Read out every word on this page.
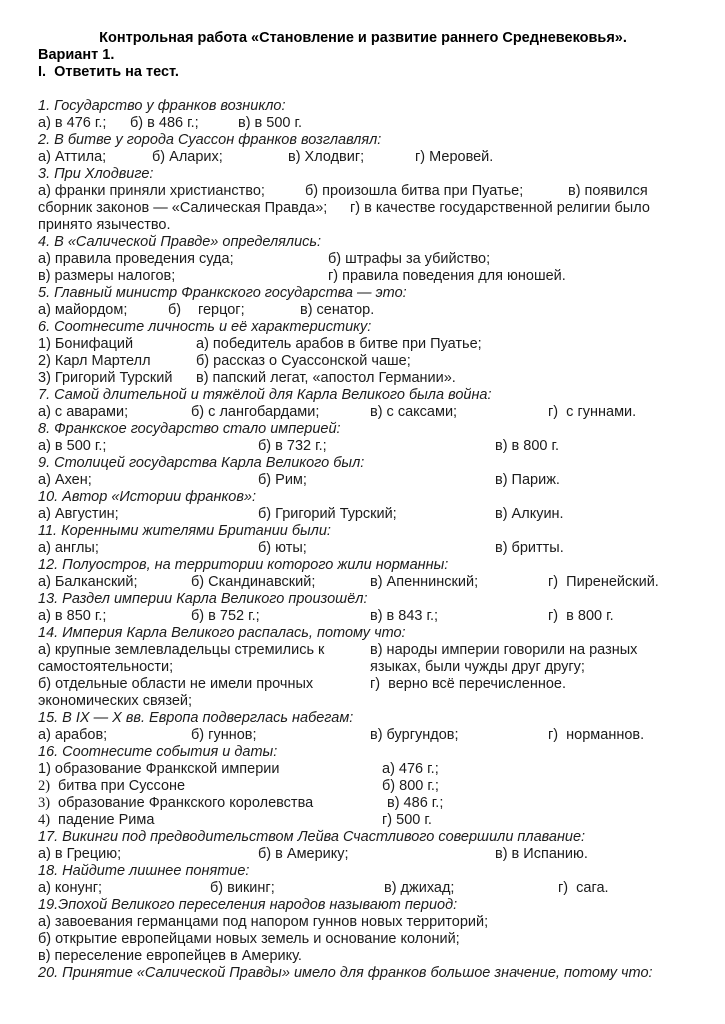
Контрольная работа «Становление и развитие раннего Средневековья».
Вариант 1.
I.  Ответить на тест.
1. Государство у франков возникло:
а) в 476 г.; б) в 486 г.;	в) в 500 г.
2. В битве у города Суассон франков возглавлял:
а) Аттила;	б) Аларих;	в) Хлодвиг;	г) Меровей.
3. При Хлодвиге:
а) франки приняли христианство;	б) произошла битва при Пуатье;	в) появился
сборник законов — «Салическая Правда»; г) в качестве государственной религии было
принято язычество.
4. В «Салической Правде» определялись:
а) правила проведения суда;	б) штрафы за убийство;
в) размеры налогов;	г) правила поведения для юношей.
5. Главный министр Франкского государства — это:
а) майордом;	б) герцог;	в) сенатор.
6. Соотнесите личность и её характеристику:
1) Бонифаций	а) победитель арабов в битве при Пуатье;
2) Карл Мартелл	б) рассказ о Суассонской чаше;
3) Григорий Турский в) папский легат, «апостол Германии».
7. Самой длительной и тяжёлой для Карла Великого была война:
а) с аварами;	б) с лангобардами;	в) с саксами;	г)  с гуннами.
8. Франкское государство стало империей:
а) в 500 г.;	б) в 732 г.;	в) в 800 г.
9. Столицей государства Карла Великого был:
а) Ахен;	б) Рим;	в) Париж.
10. Автор «Истории франков»:
а) Августин;	б) Григорий Турский;	в) Алкуин.
11. Коренными жителями Британии были:
а) англы;	б) юты;	в) бритты.
12. Полуостров, на территории которого жили норманны:
а) Балканский;	б) Скандинавский;	в) Апеннинский;	г)  Пиренейский.
13. Раздел империи Карла Великого произошёл:
а) в 850 г.;	б) в 752 г.;	в) в 843 г.;	г)  в 800 г.
14. Империя Карла Великого распалась, потому что:
а) крупные землевладельцы стремились к	в) народы империи говорили на разных
самостоятельности;	языках, были чужды друг другу;
б) отдельные области не имели прочных	г)  верно всё перечисленное.
экономических связей;
15. В IX — X вв. Европа подверглась набегам:
а) арабов;	б) гуннов;	в) бургундов;	г)  норманнов.
16. Соотнесите события и даты:
1) образование Франкской империи	а) 476 г.;
2) битва при Суссоне	б) 800 г.;
3) образование Франкского королевства	в) 486 г.;
4) падение Рима	г) 500 г.
17. Викинги под предводительством Лейва Счастливого совершили плавание:
а) в Грецию;	б) в Америку;	в) в Испанию.
18. Найдите лишнее понятие:
а) конунг;	б) викинг;	в) джихад;	г)  сага.
19.Эпохой Великого переселения народов называют период:
а) завоевания германцами под напором гуннов новых территорий;
б) открытие европейцами новых земель и основание колоний;
в) переселение европейцев в Америку.
20. Принятие «Салической Правды» имело для франков большое значение, потому что:
